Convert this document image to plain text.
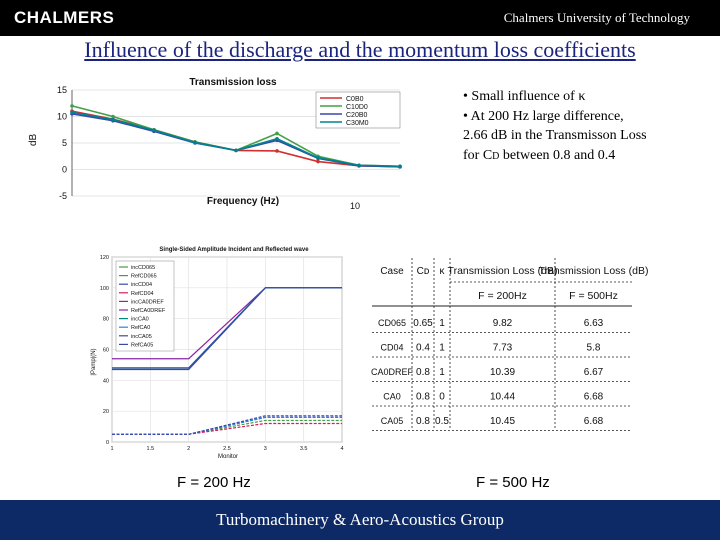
CHALMERS	Chalmers University of Technology
Influence of the discharge and the momentum loss coefficients
Transmission loss
15
10
5
0
-5
dB
Frequency (Hz)	10
C0B0
C10D0
C20B0
C30M0
Single-Sided Amplitude Incident and Reflected wave
120
100
80
60
40
20
0
1	1.5	2	2.5	3	3.5	4
|Pamp|(N)
Monitor
incCD065
RefCD065
incCD04
RefCD04
incCA0DREF
RefCA0DREF
incCA0
RefCA0
incCA05
RefCA05
• Small influence of κ
• At 200 Hz large difference,
2.66 dB in the Transmisson Loss
for CD between 0.8 and 0.4
Case Cᴅ κ Transmission Loss (dB)
Transmission Loss (dB)
F = 200Hz	F = 500Hz
CD065 0.65 1	9.82	6.63
CD04 0.4 1	7.73	5.8
CA0DREF 0.8 1	10.39	6.67
CA0 0.8 0	10.44	6.68
CA05 0.8 0.5	10.45	6.68
F = 200 Hz	F = 500 Hz
Turbomachinery & Aero-Acoustics Group
